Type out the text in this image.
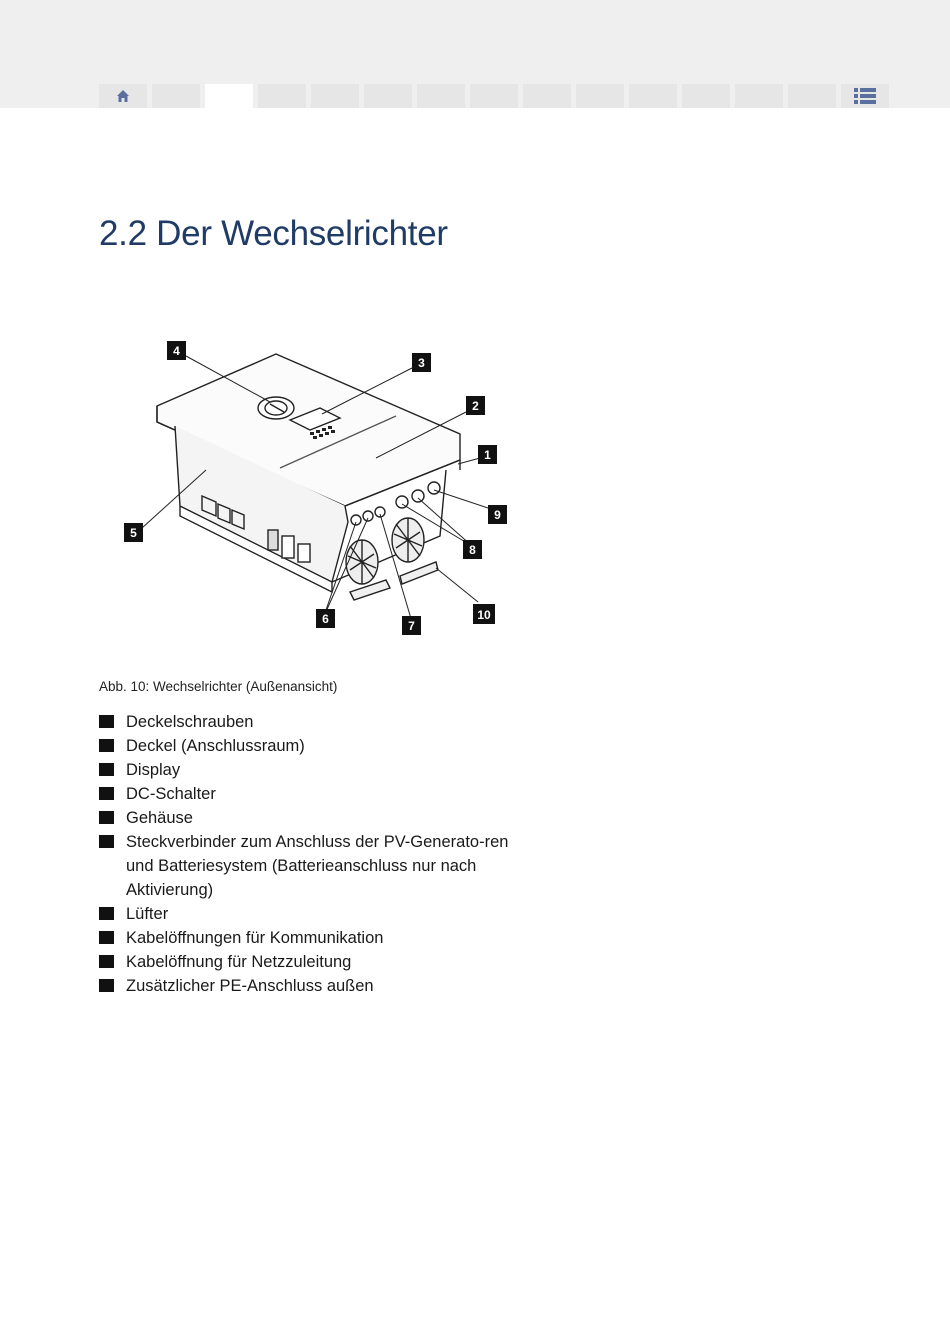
2.2 Der Wechselrichter
4
3
2
1
9
8
5
10
6	7
Abb. 10: Wechselrichter (Außenansicht)
Deckelschrauben
Deckel (Anschlussraum)
Display
DC-Schalter
Gehäuse
Steckverbinder zum Anschluss der PV-Generato-ren und Batteriesystem (Batterieanschluss nur nach Aktivierung)
Lüfter
Kabelöffnungen für Kommunikation
Kabelöffnung für Netzzuleitung
Zusätzlicher PE-Anschluss außen
